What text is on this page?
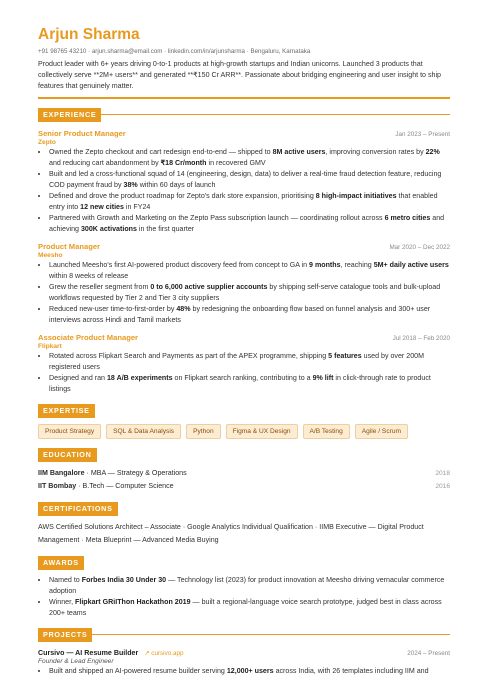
Arjun Sharma
+91 98765 43210 · arjun.sharma@email.com · linkedin.com/in/arjunsharma · Bengaluru, Karnataka
Product leader with 6+ years driving 0-to-1 products at high-growth startups and Indian unicorns. Launched 3 products that collectively serve **2M+ users** and generated **₹150 Cr ARR**. Passionate about bridging engineering and user insight to ship features that genuinely matter.
EXPERIENCE
Senior Product Manager	Jan 2023 – Present
Zepto
• Owned the Zepto checkout and cart redesign end-to-end — shipped to 8M active users, improving conversion rates by 22% and reducing cart abandonment by ₹18 Cr/month in recovered GMV
• Built and led a cross-functional squad of 14 (engineering, design, data) to deliver a real-time fraud detection feature, reducing COD payment fraud by 38% within 60 days of launch
• Defined and drove the product roadmap for Zepto's dark store expansion, prioritising 8 high-impact initiatives that enabled entry into 12 new cities in FY24
• Partnered with Growth and Marketing on the Zepto Pass subscription launch — coordinating rollout across 6 metro cities and achieving 300K activations in the first quarter
Product Manager	Mar 2020 – Dec 2022
Meesho
• Launched Meesho's first AI-powered product discovery feed from concept to GA in 9 months, reaching 5M+ daily active users within 8 weeks of release
• Grew the reseller segment from 0 to 6,000 active supplier accounts by shipping self-serve catalogue tools and bulk-upload workflows requested by Tier 2 and Tier 3 city suppliers
• Reduced new-user time-to-first-order by 48% by redesigning the onboarding flow based on funnel analysis and 300+ user interviews across Hindi and Tamil markets
Associate Product Manager	Jul 2018 – Feb 2020
Flipkart
• Rotated across Flipkart Search and Payments as part of the APEX programme, shipping 5 features used by over 200M registered users
• Designed and ran 18 A/B experiments on Flipkart search ranking, contributing to a 9% lift in click-through rate to product listings
EXPERTISE
Product Strategy	SQL & Data Analysis	Python	Figma & UX Design	A/B Testing	Agile / Scrum
EDUCATION
IIM Bangalore · MBA — Strategy & Operations	2018
IIT Bombay · B.Tech — Computer Science	2016
CERTIFICATIONS
AWS Certified Solutions Architect – Associate · Google Analytics Individual Qualification · IIMB Executive — Digital Product Management · Meta Blueprint — Advanced Media Buying
AWARDS
• Named to Forbes India 30 Under 30 — Technology list (2023) for product innovation at Meesho driving vernacular commerce adoption
• Winner, Flipkart GRiIThon Hackathon 2019 — built a regional-language voice search prototype, judged best in class across 200+ teams
PROJECTS
Cursivo — AI Resume Builder ↗ cursivo.app	2024 – Present
Founder & Lead Engineer
• Built and shipped an AI-powered resume builder serving 12,000+ users across India, with 26 templates including IIM and
